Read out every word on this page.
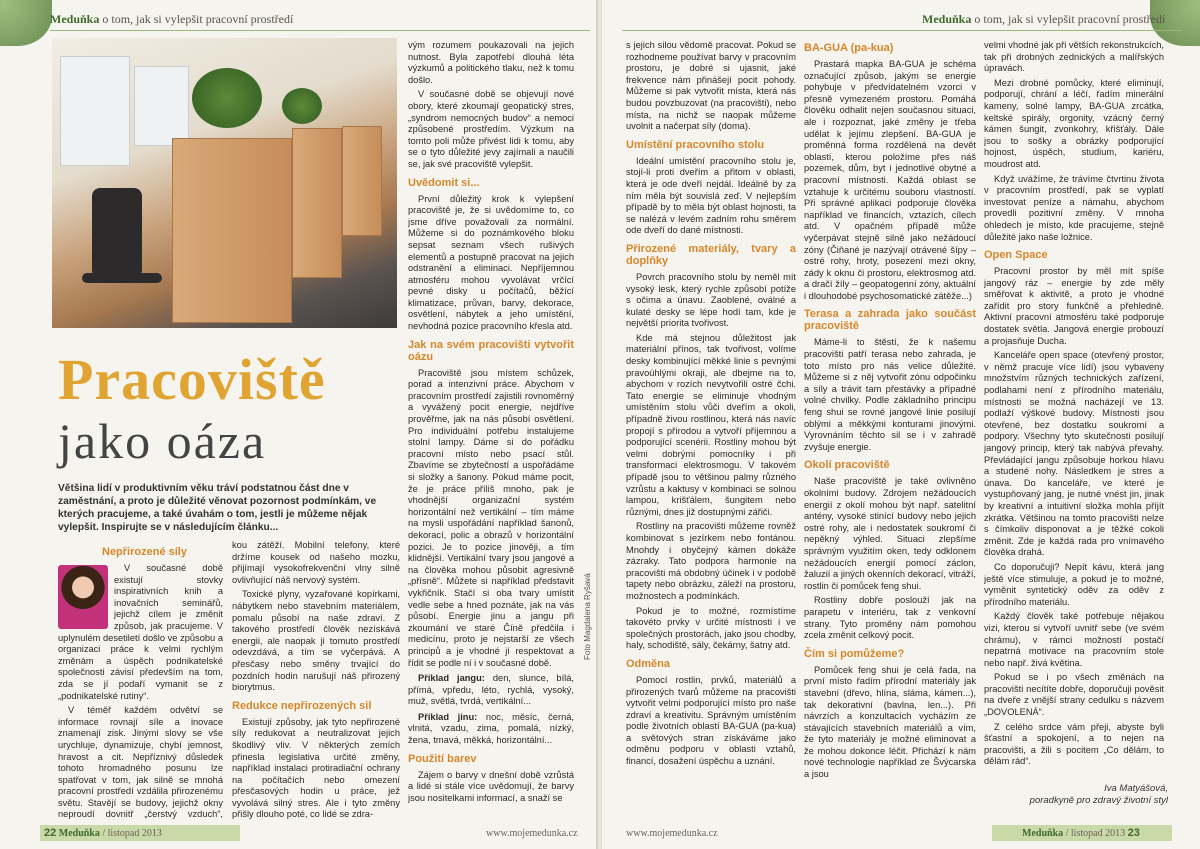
Meduňka o tom, jak si vylepšit pracovní prostředí
Pracoviště
jako oáza
Většina lidí v produktivním věku tráví podstatnou část dne v zaměstnání, a proto je důležité věnovat pozornost podmínkám, ve kterých pracujeme, a také úvahám o tom, jestli je můžeme nějak vylepšit. Inspirujte se v následujícím článku...
Nepřirozené síly

V současné době existují stovky inspirativních knih a inovačních seminářů, jejichž cílem je změnit způsob, jak pracujeme. V uplynulém desetiletí došlo ve způsobu a organizaci práce k velmi rychlým změnám a úspěch podnikatelské společnosti závisí především na tom, zda se jí podaří vymanit se z „podnikatelské rutiny“.

V téměř každém odvětví se informace rovnají síle a inovace znamenají zisk. Jinými slovy se vše urychluje, dynamizuje, chybí jemnost, hravost a cit. Nepříznivý důsledek tohoto hromadného posunu lze spatřovat v tom, jak silně se mnohá pracovní prostředí vzdálila přirozenému světu. Stavějí se budovy, jejichž okny neproudí dovnitř „čerstvý vzduch“,

kou zátěží. Mobilní telefony, které držíme kousek od našeho mozku, přijímají vysokofrekvenční vlny silně ovlivňující náš nervový systém.

Toxické plyny, vyzařované kopírkami, nábytkem nebo stavebním materiálem, pomalu působí na naše zdraví. Z takového prostředí člověk nezískává energii, ale naopak ji tomuto prostředí odevzdává, a tím se vyčerpává. A přesčasy nebo směny trvající do pozdních hodin narušují náš přirozený biorytmus.

Redukce nepřirozených sil

Existují způsoby, jak tyto nepřirozené síly redukovat a neutralizovat jejich škodlivý vliv. V některých zemích přinesla legislativa určité změny, například instalaci protiradiační ochrany na počítačích nebo omezení přesčasových hodin u práce, jež vyvolává silný stres. Ale i tyto změny přišly dlouho poté, co lidé se zdra-

vým rozumem poukazovali na jejich nutnost. Byla zapotřebí dlouhá léta výzkumů a politického tlaku, než k tomu došlo.

V současné době se objevují nové obory, které zkoumají geopatický stres, „syndrom nemocných budov“ a nemoci způsobené prostředím. Výzkum na tomto poli může přivést lidi k tomu, aby se o tyto důležité jevy zajímali a naučili se, jak své pracoviště vylepšit.

Uvědomit si...

První důležitý krok k vylepšení pracoviště je, že si uvědomíme to, co jsme dříve považovali za normální. Můžeme si do poznámkového bloku sepsat seznam všech rušivých elementů a postupně pracovat na jejich odstranění a eliminaci. Nepříjemnou atmosféru mohou vyvolávat vrčící pevné disky u počítačů, běžící klimatizace, průvan, barvy, dekorace, osvětlení, nábytek a jeho umístění, nevhodná pozice pracovního křesla atd.

Jak na svém pracovišti vytvořit oázu

Pracoviště jsou místem schůzek, porad a intenzivní práce. Abychom v pracovním prostředí zajistili rovnoměrný a vyvážený pocit energie, nejdříve prověřme, jak na nás působí osvětlení. Pro individuální potřebu instalujeme stolní lampy. Dáme si do pořádku pracovní místo nebo psací stůl. Zbavíme se zbytečností a uspořádáme si složky a šanony. Pokud máme pocit, že je práce příliš mnoho, pak je vhodnější organizační systém horizontální než vertikální – tím máme na mysli uspořádání například šanonů, dekorací, polic a obrazů v horizontální pozici. Je to pozice jinověji, a tím klidnější. Vertikální tvary jsou jangové a na člověka mohou působit agresivně „přísně“. Můžete si například představit vykřičník. Stačí si oba tvary umístit vedle sebe a hned poznáte, jak na vás působí. Energie jinu a jangu při zkoumání ve staré Číně předčila i medicínu, proto je nejstarší ze všech principů a je vhodné jí respektovat a řídit se podle ní i v současné době.

Příklad jangu: den, slunce, bílá, přímá, vpředu, léto, rychlá, vysoký, muž, světlá, tvrdá, vertikální...
Příklad jinu: noc, měsíc, černá, vlnitá, vzadu, zima, pomalá, nízký, žena, tmavá, měkká, horizontální...
Použití barev

Zájem o barvy v dnešní době vzrůstá a lidé si stále více uvědomují, že barvy jsou nositelkami informací, a snaží se

Foto Magdalena Ryšavá
22
Meduňka / listopad 2013	www.mojemedunka.cz
Meduňka o tom, jak si vylepšit pracovní prostředí

s jejich silou vědomě pracovat. Pokud se rozhodneme používat barvy v pracovním prostoru, je dobré si ujasnit, jaké frekvence nám přinášejí pocit pohody. Můžeme si pak vytvořit místa, která nás budou povzbuzovat (na pracovišti), nebo místa, na nichž se naopak můžeme uvolnit a načerpat síly (doma).

Umístění pracovního stolu

Ideální umístění pracovního stolu je, stojí-li proti dveřím a přitom v oblasti, která je ode dveří nejdál. Ideálně by za ním měla být souvislá zeď. V nejlepším případě by to měla být oblast hojnosti, ta se nalézá v levém zadním rohu směrem ode dveří do dané místnosti.

Přirozené materiály, tvary a doplňky

Povrch pracovního stolu by neměl mít vysoký lesk, který rychle způsobí potíže s očima a únavu. Zaoblené, oválné a kulaté desky se lépe hodí tam, kde je největší priorita tvořivost.

Kde má stejnou důležitost jak materiální přínos, tak tvořivost, volíme desky kombinující měkké linie s pevnými pravoúhlými okraji, ale dbejme na to, abychom v rozích nevytvořili ostré čchi. Tato energie se eliminuje vhodným umístěním stolu vůči dveřím a okoli, případně živou rostlinou, která nás navíc propojí s přírodou a vytvoří příjemnou a podporující scenérii. Rostliny mohou být velmi dobrými pomocníky i při transformaci elektrosmogu. V takovém případě jsou to většinou palmy různého vzrůstu a kaktusy v kombinaci se solnou lampou, krišťálem, šungitem nebo různými, dnes již dostupnými zářiči.

Rostliny na pracovišti můžeme rovněž kombinovat s jezírkem nebo fontánou. Mnohdy i obyčejný kámen dokáže zázraky. Tato podpora harmonie na pracovišti má obdobný účinek i v podobě tapety nebo obrázku, záleží na prostoru, možnostech a podmínkách.

Pokud je to možné, rozmístíme takovéto prvky v určité místnosti i ve společných prostorách, jako jsou chodby, haly, schodiště, sály, čekárny, šatny atd.

Odměna

Pomocí rostlin, prvků, materiálů a přirozených tvarů můžeme na pracovišti vytvořit velmi podporující místo pro naše zdraví a kreativitu. Správným umístěním podle životních oblastí BA-GUA (pa-kua) a světových stran získáváme jako odměnu podporu v oblasti vztahů, financí, dosažení úspěchu a uznání.

BA-GUA (pa-kua)

Prastará mapka BA-GUA je schéma označující způsob, jakým se energie pohybuje v předvídatelném vzorci v přesně vymezeném prostoru. Pomáhá člověku odhalit nejen současnou situaci, ale i rozpoznat, jaké změny je třeba udělat k jejímu zlepšení. BA-GUA je proměnná forma rozdělená na devět oblastí, kterou položíme přes náš pozemek, dům, byt i jednotlivé obytné a pracovní místnosti. Každá oblast se vztahuje k určitému souboru vlastností. Při správné aplikaci podporuje člověka například ve financích, vztazích, cílech atd. V opačném případě může vyčerpávat stejně silně jako nežádoucí zóny (Čiňané je nazývají otrávené šípy – ostré rohy, hroty, posezení mezi okny, zády k oknu či prostoru, elektrosmog atd. a dračí žíly – geopatogenní zóny, aktuální i dlouhodobé psychosomatické zátěže...)

Terasa a zahrada jako součást pracoviště

Máme-li to štěstí, že k našemu pracovišti patří terasa nebo zahrada, je toto místo pro nás velice důležité. Můžeme si z něj vytvořit zónu odpočinku a síly a trávit tam přestávky a případné volné chvilky. Podle základního principu feng shui se rovné jangové linie posilují oblými a měkkými konturami jinovými. Vyrovnáním těchto sil se i v zahradě zvyšuje energie.

Okolí pracoviště

Naše pracoviště je také ovlivněno okolními budovy. Zdrojem nežádoucích energií z okolí mohou být např. satelitní antény, vysoké stinící budovy nebo jejich ostré rohy, ale i nedostatek soukromí či nepěkný výhled. Situaci zlepšíme správným využitím oken, tedy odklonem nežádoucích energií pomocí záclon, žaluzií a jiných okenních dekorací, vitráží, rostlin či pomůcek feng shui.

Rostliny dobře poslouží jak na parapetu v interiéru, tak z venkovní strany. Tyto proměny nám pomohou zcela změnit celkový pocit.

Čím si pomůžeme?

Pomůcek feng shui je celá řada, na první místo řadím přírodní materiály jak stavební (dřevo, hlína, sláma, kámen...), tak dekorativní (bavlna, len...). Při návrzích a konzultacích vycházím ze stávajících stavebních materiálů a vím, že tyto materiály je možné eliminovat a že mohou dokonce léčit. Přichází k nám nové technologie například ze Švýcarska a jsou

velmi vhodné jak při větších rekonstrukcích, tak při drobných zednických a malířských úpravách.

Mezi drobné pomůcky, které eliminují, podporují, chrání a léčí, řadím minerální kameny, solné lampy, BA-GUA zrcátka, keltské spirály, orgonity, vzácný černý kámen šungit, zvonkohry, křišťály. Dále jsou to sošky a obrázky podporující hojnost, úspěch, studium, kariéru, moudrost atd.

Když uvážíme, že trávíme čtvrtinu života v pracovním prostředí, pak se vyplatí investovat peníze a námahu, abychom provedli pozitivní změny. V mnoha ohledech je místo, kde pracujeme, stejně důležité jako naše ložnice.

Open Space

Pracovní prostor by měl mít spíše jangový ráz – energie by zde měly směřovat k aktivitě, a proto je vhodné zařídit pro story funkčně a přehledně. Aktivní pracovní atmosféru také podporuje dostatek světla. Jangová energie probouzí a projasňuje Ducha.

Kanceláře open space (otevřený prostor, v němž pracuje více lidí) jsou vybaveny množstvím různých technických zařízení, podlahami není z přírodního materiálu, místnosti se možná nacházejí ve 13. podlaží výškové budovy. Místnosti jsou otevřené, bez dostatku soukromí a podpory. Všechny tyto skutečnosti posilují jangový princip, který tak nabývá převahy. Převládající jangu způsobuje horkou hlavu a studené nohy. Následkem je stres a únava. Do kanceláře, ve které je vystupňovaný jang, je nutné vnést jin, jinak by kreativní a intuitivní složka mohla příjít zkrátka. Většinou na tomto pracovišti nelze s čímkoliv disponovat a je těžké cokoli změnit. Zde je každá rada pro vnímavého člověka drahá.

Co doporučuji? Nepít kávu, která jang ještě více stimuluje, a pokud je to možné, vyměnit syntetický oděv za oděv z přírodního materiálu.

Každý člověk také potřebuje nějakou vizi, kterou si vytvoří uvnitř sebe (ve svém chrámu), v rámci možností postačí nepatrná motivace na pracovním stole nebo např. živá květina.

Pokud se i po všech změnách na pracovišti necítíte dobře, doporučuji pověsit na dveře z vnější strany cedulku s názvem „DOVOLENÁ“.

Z celého srdce vám přeji, abyste byli šťastní a spokojení, a to nejen na pracovišti, a žili s pocitem „Co dělám, to dělám rád“.

Iva Matyášová,
poradkyně pro zdravý životní styl
www.mojemedunka.cz	Meduňka / listopad 2013
23
